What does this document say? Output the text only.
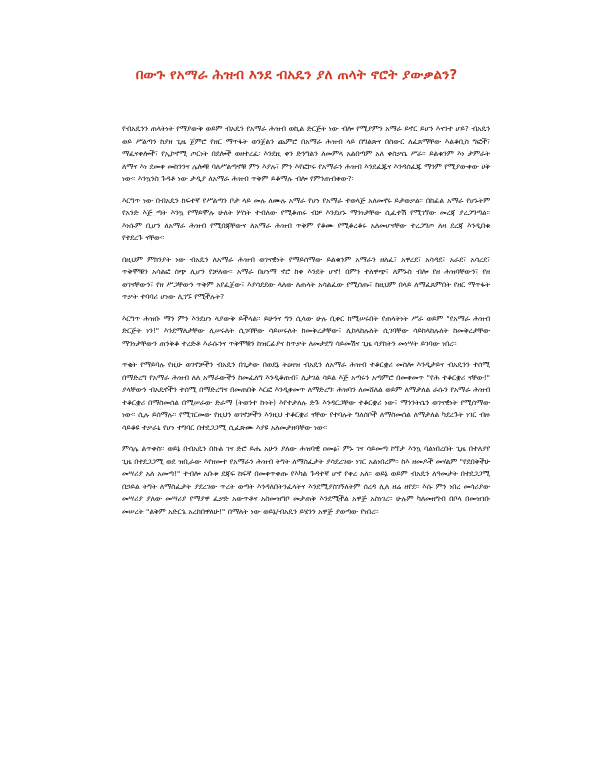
በውጉ የአማራ ሕዝብ እንደ ብአዴን ያለ ጠላት ኖሮት ያውቃልን?

የብአዴንን ጠላትነት የማያውቅ ወይም ብአዴን የአማራ ሕዝብ ወኪል ድርጅት ነው ብሎ የሚያምን አማራ ይኖር ይሆን እናንተ ሆይ? ብአዴን ወይ ሥልጣን ከያዘ ጊዜ ጀምሮ የዘር ማጥፋት ወንጀልን ጨምሮ በአማራ ሕዝብ ላይ በግልጽና በስውር ለፈጸማቸው እልቆቢስ ግፎች፣ ማፈናቀሎች፣ የኢኮኖሚ ጦርነት በደሎች ወዘተረፈ፡ እንደዚ ቀን ድንግልን ለመምላ አልበጣም አለ ቀስቃሴ ሥራ፡፡ ይልቁንም እነ ታምራት ለማና እነ ደመቀ መከንንና ሌሎቹ ባለሥልጣኖቹ ምን እያሉ፣ ምን እየፎኮሩ የአማራን ሕዝብ እንደፈጁና እንዳሰፈጁ ማንም የሚያውቀው ሀቅ ነው፡፡ እንኳንስ ጉዳቶ ነው ታዲያ ለአማራ ሕዝብ ጥቅም ይቆማሉ ብሎ የምንጠብቀው?፡

እርግጥ ነው በብአዴን ከፍተኛ የሥልጣን ቦታ ላይ መሉ ለሙሉ አማራ የሆነ የአማራ ተወላጅ አለመኖሩ ይታወቃል፡፡ በከፊል አማራ የሆኑትም የአንድ እጅ ጣት እንኳ የማይሞሉ ሁለት ሦስት ተብለው የሚቆጠሩ ብቻ እንደሆኑ ማንነታቸው ሲፈተሽ የሚገኘው መረጃ ያረጋግጣል፡፡ እነሱም ቢሆን ለአማራ ሕዝብ የሚበጃቸውና ለአማራ ሕዝብ ጥቅም የቆሙ የሚቆረቆሩ አለመሆናቸው ተረጋግጦ ለዛ ደረጃ እንዲበቁ የተደረጉ ናቸው፡፡

በዚህም ምክንያት ነው ብአዴን ለአማራ ሕዝብ ወገናዊነት የማይሰማው ይልቁንም አማራን ዘለፈ፣ አዋረደ፣ አሳዳደ፣ አራደ፣ አሳረደ፣ ጥቅሞቹን አሳልፎ ሰጭ ሊሆን የቻለው፡፡ አማራ በሆነማ ኖሮ ከቀ እንደት ሆኖ! በምን ተለዋጭ፣ ለምኑስ ብሎ የዘ ሕዝባቸውን፣ የዘ ወገናቸውን፣ የዘ ሥጋቸውን ጥቅም አየፈጀው፣ እያሳደደው ላለው ለጠላት አሳልፈው የሚሰጡ፣ ከዚህም በላይ ለማፈጸምበት የዘር ማጥፋት ጥቃት ተባባሪ ሆነው ሊገኙ የሚችሉት?

እርግጥ ሕዝቡ ማን ምን እንደሆነ ላያውቅ ይችላል፡፡ ይሁንና ግን ሲላው ሁሉ ቢቀር ከሚሠሩበት የጠላትነት ሥራ ወይም "የአማራ ሕዝብ ድርጅት ነን!" እንደማለታቸው ሊሠሩለት ሲገባቸው ሳይሠሩለት ከመቅረታቸው፣ ሊከላከሉለት ሲገባቸው ሳይከላከሉለት ከመቅረታቸው ማንነታቸውን ጠንቅቆ ተረድቶ እራሱንና ጥቅሞቹን ከዝርፊያና ከጥቃት ለመታደግ ሳይመሽና ጊዜ ሳያከትን መነሣት ይገባው ነበረ፡፡

ጥቂት የማይባሉ የዚሁ ወገኖቻችን ብአዴን በጊታው በወደኔ ትዕዛዝ ብአዴን ለአማራ ሕዝብ ተቆርቋሪ መስሎ እንዲታይና ብአዴንን ተሰሚ በማድረግ የአማራ ሕዝብ ለለ አማራውችን ከመፈለግ እንዲቆጠብ፣ ሊታገል ሳይል እጅ አጣሩን አጣምሮ በመቀመጥ "የሕ ተቆርቋሪ ናቸው!" ያላቸውን ብአዴኖችን ተሰሚ በማድረግና በመጠበቅ እርፎ እንዲቀመጥ ለማድረግ፡ ሕዝባን ለመሸለል ወይም ለማታለል ራሱን የአማራ ሕዝብ ተቆርቋሪ በማስመሰል በሚሠራው ድራማ (ትወንተ ኩነት) እየተታለሉ ድጉ እንዳርጋቸው ተቆርቋሪ ነው፣ ማንንትሴን ወገናዊነት የሚሰማው ነው፡፡ ሲሉ ይሰማሉ፡፡ የሚገርመው የዚህን ወገኖቻችን እንዚህ ተቆርቋሪ ናቸው የተባሉት ግለሰቦች ለማስመሰል ለማታለል ካደረጉት ነገር ብዙ ሳይቆዩ ተቃራኒ የሆነ ተግባር በተደጋጋሚ ሲፈጽሙ እያዩ አለመታዘባቸው ነው፡፡

ምሳሌ ልጥቀስ፡፡ ወይኔ በብአዴን በኩል ገና ድሮ ይሔ አሁን ያለው ሕዝባዊ ዐመፅ፣ ምኑ ገና ሳይመጣ ኮኘታ እንኳ ባልነበረበት ጊዜ በተለያየ ጊዜ በተደጋጋሚ ወደ ዝቢራው እየዘመተ የአማራን ሕዝብ ትግት ለማስፈታት ያሳደረገው ነገር አልነበረም፡፡ ከእ ዘመዶች መሃልም "የደበቅችሁ መሣሪያ አለ አመጣ!" ተብሎ አቡቱ ደጃፍ ከፍኛ በመቀጥቀጡ የእካል ጉዳተኛ ሆኖ የቀረ አለ፡፡ ወይኔ ወይም ብአዴን ለዓመታት በተደጋጋሚ በኃይል ትግት ለማስፈታት ያደረገው ጥረት ወጣት እንዳለበትንፈላትና እንደሚያስገኝለትም ሰረዳ ሊለ ዘሬ ዘየደ፡፡ እሱ ምን ነበረ መሳሪያው መሣሪያ ያለው መሣሪያ የማያዋ ፈቃድ አውጥቶና አስመዝግቦ መታጠቅ እንደሚችል አዋጅ አስነገረ፡፡ ሁሉም ካለመዘግብ በቦላ በመዝገቡ መሠረት "ልቅም አድርጌ አረከበዋለሁ!" በማለት ነው ወይኔ/ብአዴን ይሄንን አዋጅ ያወጣው የነበረ፡፡
